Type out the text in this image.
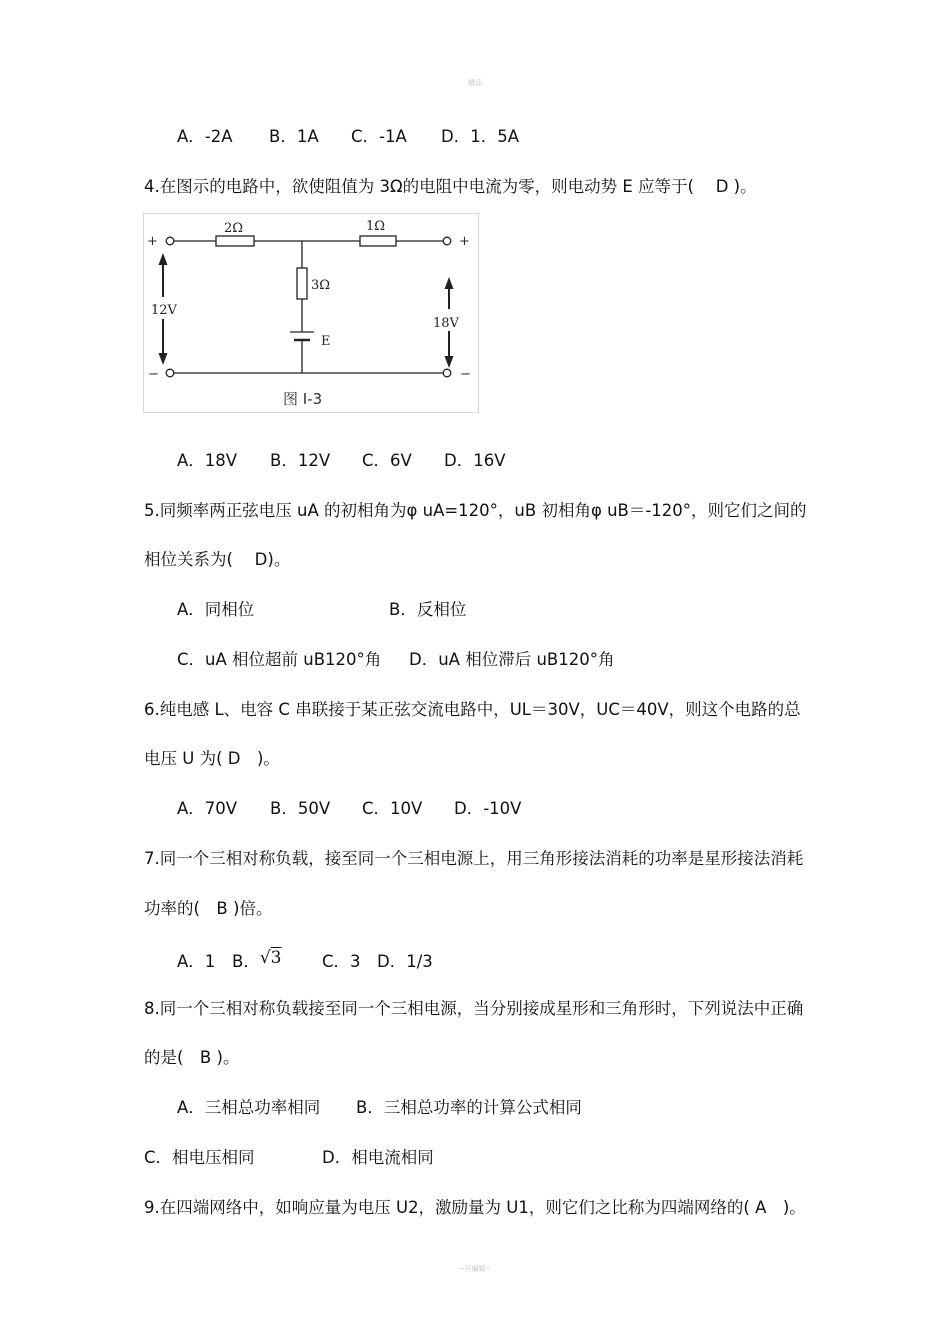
精品
A．-2A B．1A C．-1A D．1．5A
4.在图示的电路中，欲使阻值为 3Ω的电阻中电流为零，则电动势 E 应等于(　 D )。
2Ω	1Ω
3Ω
E
12V
18V
+	+
−	−
图 I-3
A．18V B．12V C．6V D．16V
5.同频率两正弦电压 uA 的初相角为φ uA=120°，uB 初相角φ uB＝-120°，则它们之间的
相位关系为(　 D)。
A．同相位	B．反相位
C．uA 相位超前 uB120°角 D．uA 相位滞后 uB120°角
6.纯电感 L、电容 C 串联接于某正弦交流电路中，UL＝30V，UC＝40V，则这个电路的总
电压 U 为( D　)。
A．70V B．50V C．10V D．-10V
7.同一个三相对称负载，接至同一个三相电源上，用三角形接法消耗的功率是星形接法消耗
功率的(　B )倍。
A．1 B．√3 C．3 D．1/3
8.同一个三相对称负载接至同一个三相电源，当分别接成星形和三角形时，下列说法中正确
的是(　B )。
A．三相总功率相同 B．三相总功率的计算公式相同
C．相电压相同	D．相电流相同
9.在四端网络中，如响应量为电压 U2，激励量为 U1，则它们之比称为四端网络的( A　)。
--可编辑--
